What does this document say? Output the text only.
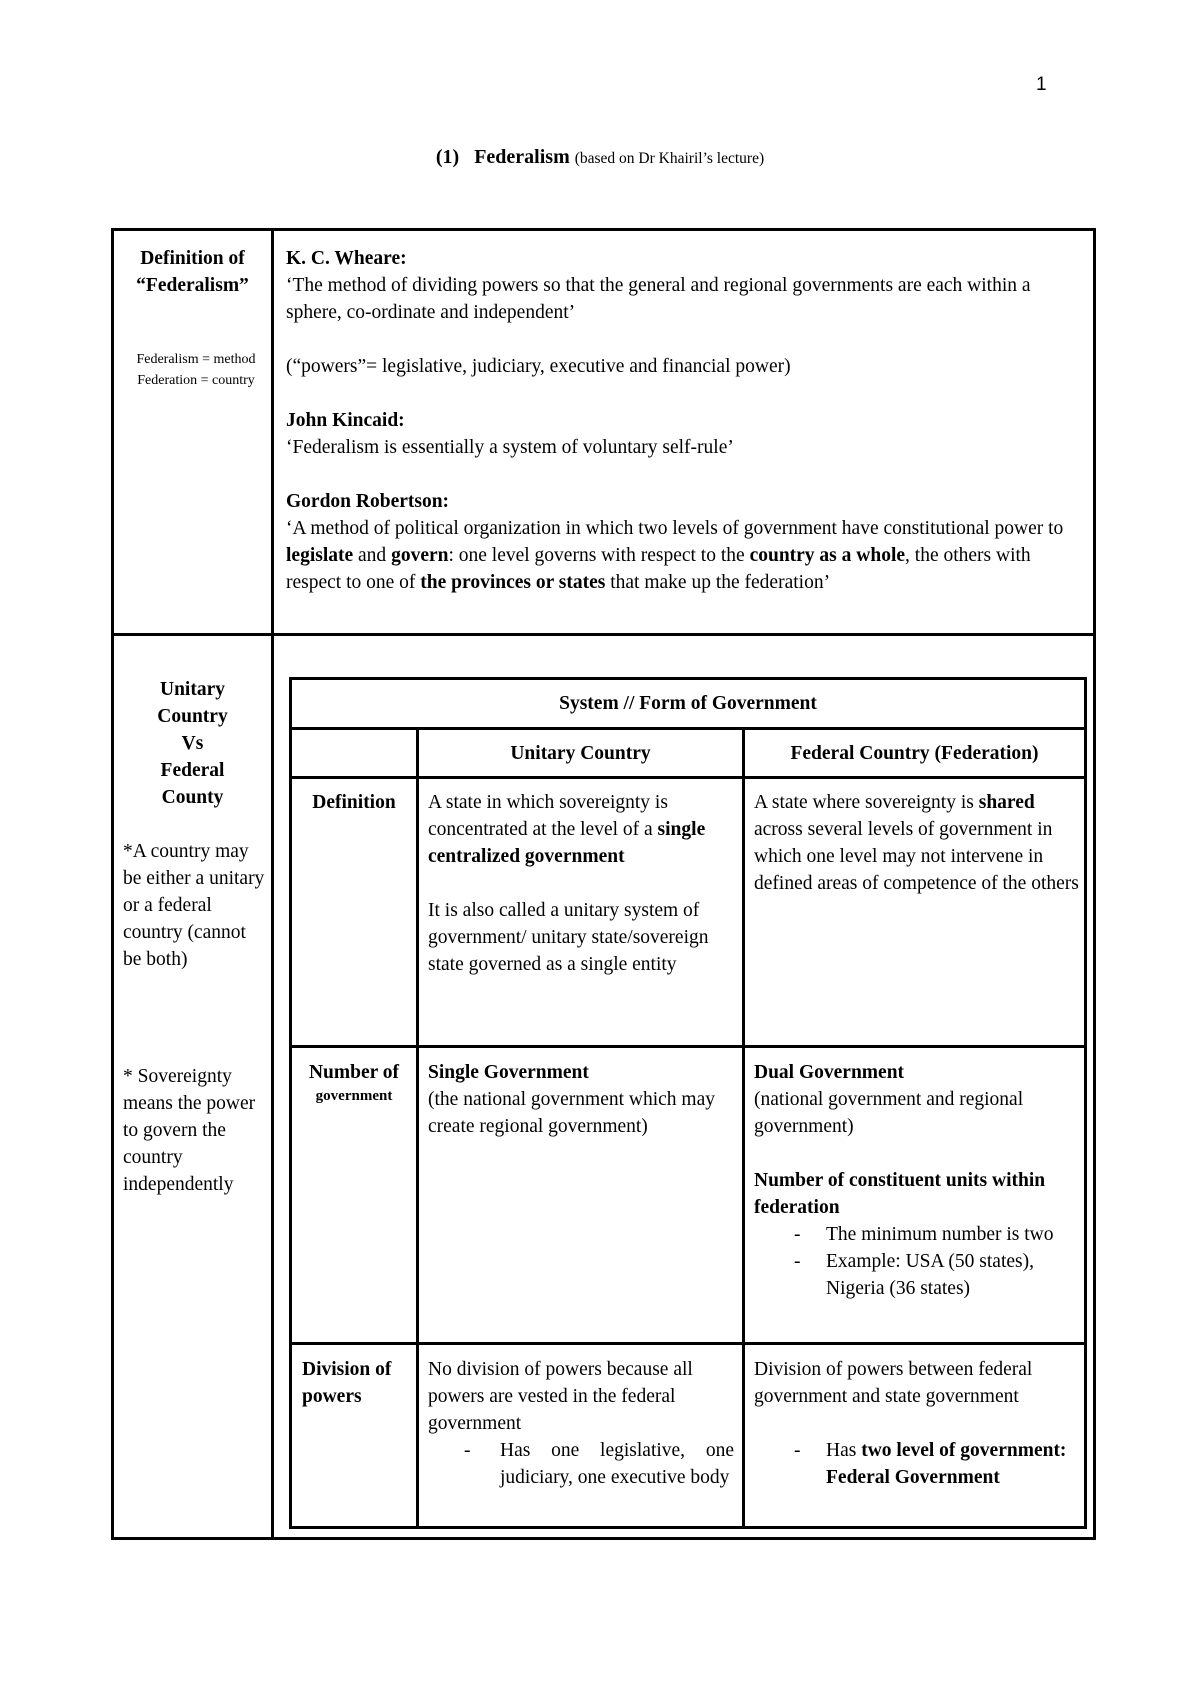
1
(1) Federalism (based on Dr Khairil’s lecture)
Definition of “Federalism”
Federalism = method
Federation = country

K. C. Wheare:
‘The method of dividing powers so that the general and regional governments are each within a sphere, co-ordinate and independent’

(“powers”= legislative, judiciary, executive and financial power)

John Kincaid:
‘Federalism is essentially a system of voluntary self-rule’

Gordon Robertson:
‘A method of political organization in which two levels of government have constitutional power to legislate and govern: one level governs with respect to the country as a whole, the others with respect to one of the provinces or states that make up the federation’

Unitary
Country
Vs
Federal
County
*A country may be either a unitary or a federal country (cannot be both)
* Sovereignty means the power to govern the country independently
System // Form of Government
Unitary Country	Federal Country (Federation)
Definition	A state in which sovereignty is concentrated at the level of a single centralized government
It is also called a unitary system of government/ unitary state/sovereign state governed as a single entity
A state where sovereignty is shared across several levels of government in which one level may not intervene in defined areas of competence of the others
Number of
government
Single Government
(the national government which may create regional government)
Dual Government
(national government and regional government)
Number of constituent units within federation
- The minimum number is two
- Example: USA (50 states), Nigeria (36 states)
Division of powers
No division of powers because all powers are vested in the federal government
- Has one legislative, one judiciary, one executive body
Division of powers between federal government and state government
- Has two level of government:
Federal Government
